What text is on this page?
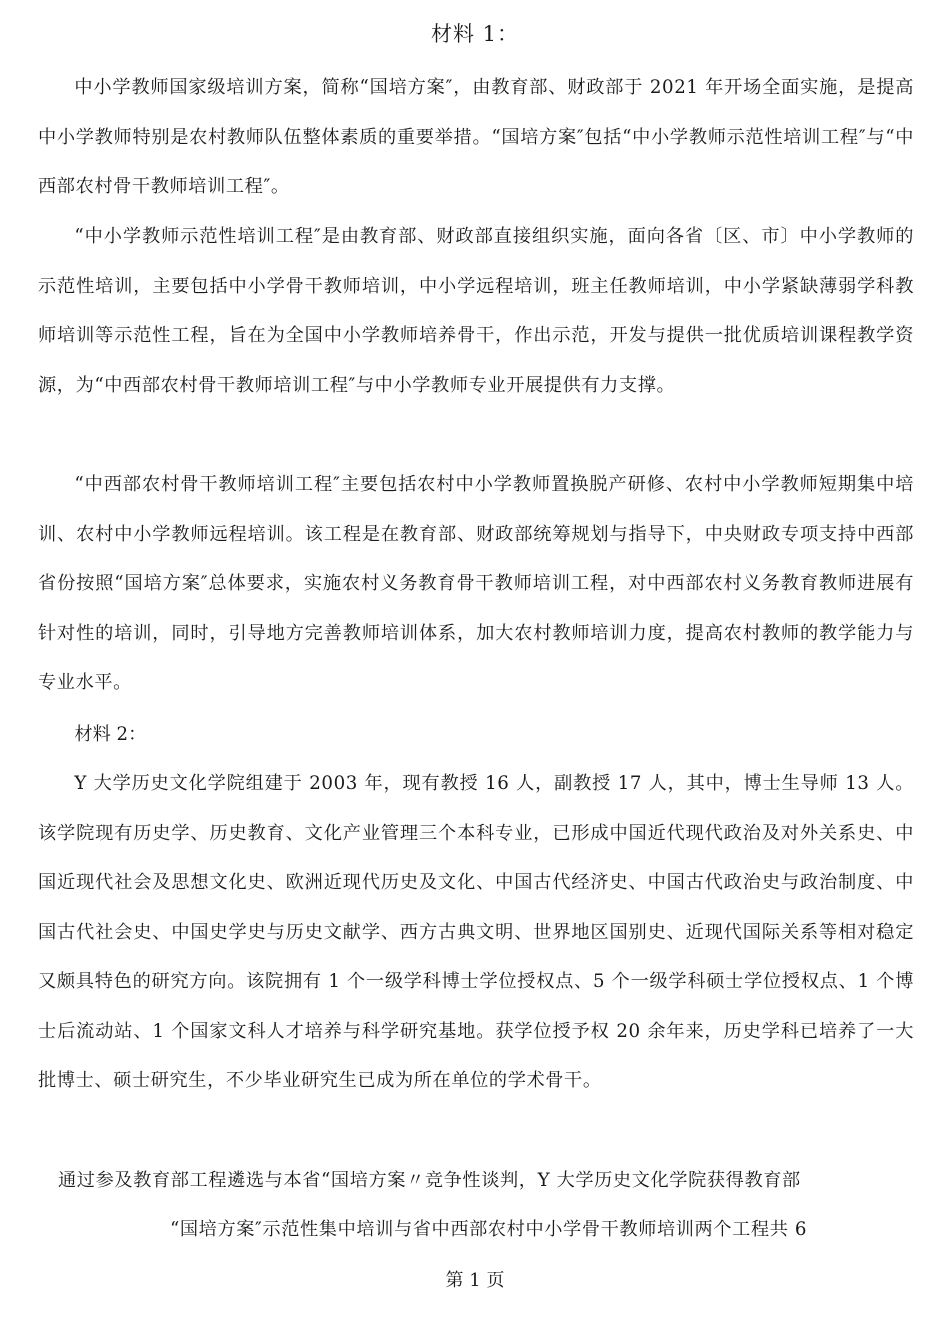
材料 1：

中小学教师国家级培训方案，简称“国培方案″，由教育部、财政部于 2021 年开场全面实施，是提高中小学教师特别是农村教师队伍整体素质的重要举措。“国培方案″包括“中小学教师示范性培训工程″与“中西部农村骨干教师培训工程″。

“中小学教师示范性培训工程″是由教育部、财政部直接组织实施，面向各省〔区、市〕中小学教师的示范性培训，主要包括中小学骨干教师培训，中小学远程培训，班主任教师培训，中小学紧缺薄弱学科教师培训等示范性工程，旨在为全国中小学教师培养骨干，作出示范，开发与提供一批优质培训课程教学资源，为“中西部农村骨干教师培训工程″与中小学教师专业开展提供有力支撑。

“中西部农村骨干教师培训工程″主要包括农村中小学教师置换脱产研修、农村中小学教师短期集中培训、农村中小学教师远程培训。该工程是在教育部、财政部统筹规划与指导下，中央财政专项支持中西部省份按照“国培方案″总体要求，实施农村义务教育骨干教师培训工程，对中西部农村义务教育教师进展有针对性的培训，同时，引导地方完善教师培训体系，加大农村教师培训力度，提高农村教师的教学能力与专业水平。

材料 2：

Y 大学历史文化学院组建于 2003 年，现有教授 16 人，副教授 17 人，其中，博士生导师 13 人。该学院现有历史学、历史教育、文化产业管理三个本科专业，已形成中国近代现代政治及对外关系史、中国近现代社会及思想文化史、欧洲近现代历史及文化、中国古代经济史、中国古代政治史与政治制度、中国古代社会史、中国史学史与历史文献学、西方古典文明、世界地区国别史、近现代国际关系等相对稳定又颇具特色的研究方向。该院拥有 1 个一级学科博士学位授权点、5 个一级学科硕士学位授权点、1 个博士后流动站、1 个国家文科人才培养与科学研究基地。获学位授予权 20 余年来，历史学科已培养了一大批博士、硕士研究生，不少毕业研究生已成为所在单位的学术骨干。

通过参及教育部工程遴选与本省“国培方案〃竞争性谈判，Y 大学历史文化学院获得教育部

“国培方案″示范性集中培训与省中西部农村中小学骨干教师培训两个工程共 6

第 1 页
